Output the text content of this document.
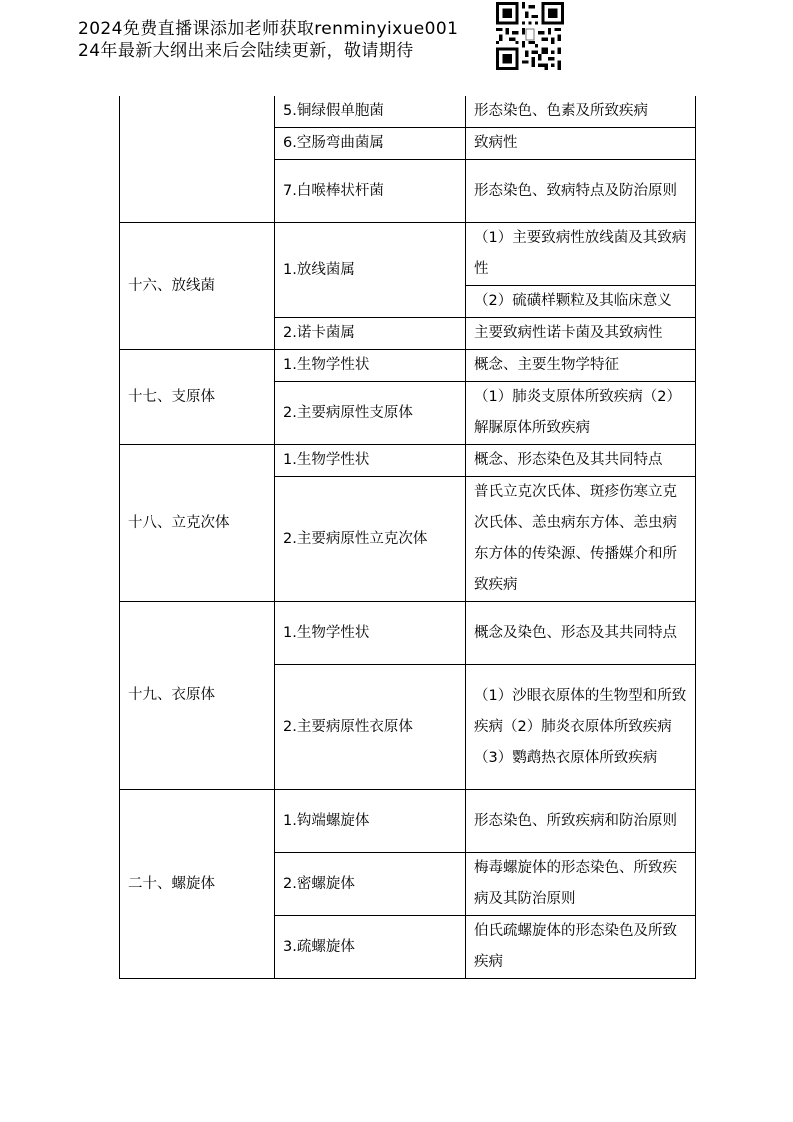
2024免费直播课添加老师获取renminyixue001
24年最新大纲出来后会陆续更新，敬请期待
	5.铜绿假单胞菌	形态染色、色素及所致疾病
	6.空肠弯曲菌属	致病性
	7.白喉棒状杆菌	形态染色、致病特点及防治原则
十六、放线菌	1.放线菌属	（1）主要致病性放线菌及其致病性
		（2）硫磺样颗粒及其临床意义
	2.诺卡菌属	主要致病性诺卡菌及其致病性
十七、支原体	1.生物学性状	概念、主要生物学特征
	2.主要病原性支原体	（1）肺炎支原体所致疾病（2）解脲原体所致疾病
十八、立克次体	1.生物学性状	概念、形态染色及其共同特点
	2.主要病原性立克次体	普氏立克次氏体、斑疹伤寒立克次氏体、恙虫病东方体、恙虫病东方体的传染源、传播媒介和所致疾病
十九、衣原体	1.生物学性状	概念及染色、形态及其共同特点
	2.主要病原性衣原体	（1）沙眼衣原体的生物型和所致疾病（2）肺炎衣原体所致疾病（3）鹦鹉热衣原体所致疾病
二十、螺旋体	1.钩端螺旋体	形态染色、所致疾病和防治原则
	2.密螺旋体	梅毒螺旋体的形态染色、所致疾病及其防治原则
	3.疏螺旋体	伯氏疏螺旋体的形态染色及所致疾病
